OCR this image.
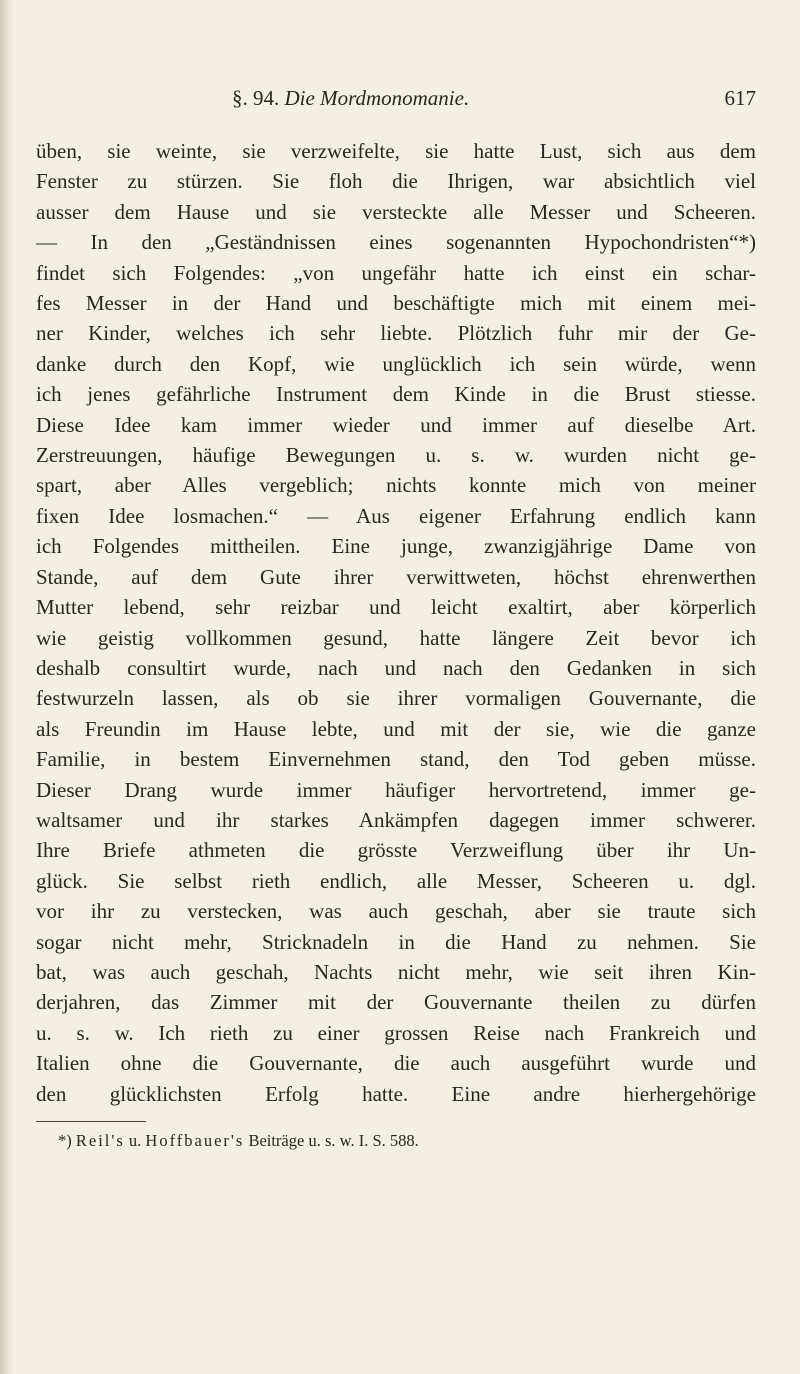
§. 94. Die Mordmonomanie.	617
üben, sie weinte, sie verzweifelte, sie hatte Lust, sich aus dem
Fenster zu stürzen. Sie floh die Ihrigen, war absichtlich viel
ausser dem Hause und sie versteckte alle Messer und Scheeren.
— In den „Geständnissen eines sogenannten Hypochondristen“*)
findet sich Folgendes: „von ungefähr hatte ich einst ein schar-
fes Messer in der Hand und beschäftigte mich mit einem mei-
ner Kinder, welches ich sehr liebte. Plötzlich fuhr mir der Ge-
danke durch den Kopf, wie unglücklich ich sein würde, wenn
ich jenes gefährliche Instrument dem Kinde in die Brust stiesse.
Diese Idee kam immer wieder und immer auf dieselbe Art.
Zerstreuungen, häufige Bewegungen u. s. w. wurden nicht ge-
spart, aber Alles vergeblich; nichts konnte mich von meiner
fixen Idee losmachen.“ — Aus eigener Erfahrung endlich kann
ich Folgendes mittheilen. Eine junge, zwanzigjährige Dame von
Stande, auf dem Gute ihrer verwittweten, höchst ehrenwerthen
Mutter lebend, sehr reizbar und leicht exaltirt, aber körperlich
wie geistig vollkommen gesund, hatte längere Zeit bevor ich
deshalb consultirt wurde, nach und nach den Gedanken in sich
festwurzeln lassen, als ob sie ihrer vormaligen Gouvernante, die
als Freundin im Hause lebte, und mit der sie, wie die ganze
Familie, in bestem Einvernehmen stand, den Tod geben müsse.
Dieser Drang wurde immer häufiger hervortretend, immer ge-
waltsamer und ihr starkes Ankämpfen dagegen immer schwerer.
Ihre Briefe athmeten die grösste Verzweiflung über ihr Un-
glück. Sie selbst rieth endlich, alle Messer, Scheeren u. dgl.
vor ihr zu verstecken, was auch geschah, aber sie traute sich
sogar nicht mehr, Stricknadeln in die Hand zu nehmen. Sie
bat, was auch geschah, Nachts nicht mehr, wie seit ihren Kin-
derjahren, das Zimmer mit der Gouvernante theilen zu dürfen
u. s. w. Ich rieth zu einer grossen Reise nach Frankreich und
Italien ohne die Gouvernante, die auch ausgeführt wurde und
den glücklichsten Erfolg hatte. Eine andre hierhergehörige
*) Reil's u. Hoffbauer's Beiträge u. s. w. I. S. 588.
